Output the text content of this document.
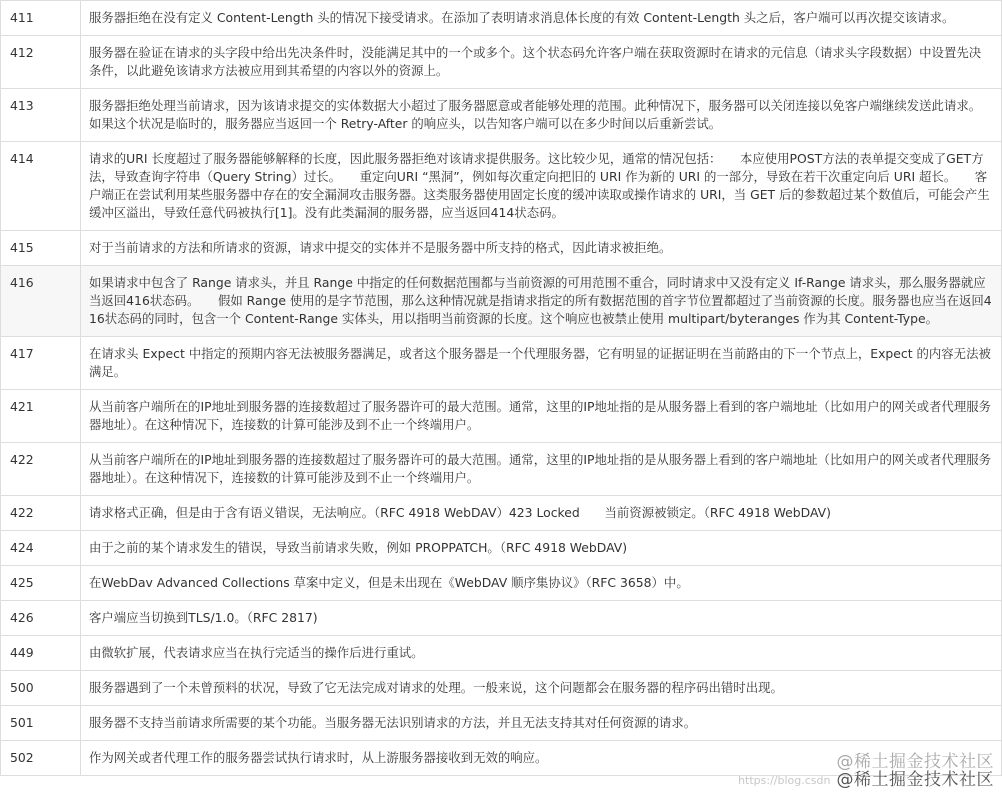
411	服务器拒绝在没有定义 Content-Length 头的情况下接受请求。在添加了表明请求消息体长度的有效 Content-Length 头之后，客户端可以再次提交该请求。
412	服务器在验证在请求的头字段中给出先决条件时，没能满足其中的一个或多个。这个状态码允许客户端在获取资源时在请求的元信息（请求头字段数据）中设置先决条件，以此避免该请求方法被应用到其希望的内容以外的资源上。
413	服务器拒绝处理当前请求，因为该请求提交的实体数据大小超过了服务器愿意或者能够处理的范围。此种情况下，服务器可以关闭连接以免客户端继续发送此请求。　　如果这个状况是临时的，服务器应当返回一个 Retry-After 的响应头，以告知客户端可以在多少时间以后重新尝试。
414	请求的URI 长度超过了服务器能够解释的长度，因此服务器拒绝对该请求提供服务。这比较少见，通常的情况包括：　　本应使用POST方法的表单提交变成了GET方法，导致查询字符串（Query String）过长。　　重定向URI “黑洞”，例如每次重定向把旧的 URI 作为新的 URI 的一部分，导致在若干次重定向后 URI 超长。　　客户端正在尝试利用某些服务器中存在的安全漏洞攻击服务器。这类服务器使用固定长度的缓冲读取或操作请求的 URI，当 GET 后的参数超过某个数值后，可能会产生缓冲区溢出，导致任意代码被执行[1]。没有此类漏洞的服务器，应当返回414状态码。
415	对于当前请求的方法和所请求的资源，请求中提交的实体并不是服务器中所支持的格式，因此请求被拒绝。
416	如果请求中包含了 Range 请求头，并且 Range 中指定的任何数据范围都与当前资源的可用范围不重合，同时请求中又没有定义 If-Range 请求头，那么服务器就应当返回416状态码。　　假如 Range 使用的是字节范围，那么这种情况就是指请求指定的所有数据范围的首字节位置都超过了当前资源的长度。服务器也应当在返回416状态码的同时，包含一个 Content-Range 实体头，用以指明当前资源的长度。这个响应也被禁止使用 multipart/byteranges 作为其 Content-Type。
417	在请求头 Expect 中指定的预期内容无法被服务器满足，或者这个服务器是一个代理服务器，它有明显的证据证明在当前路由的下一个节点上，Expect 的内容无法被满足。
421	从当前客户端所在的IP地址到服务器的连接数超过了服务器许可的最大范围。通常，这里的IP地址指的是从服务器上看到的客户端地址（比如用户的网关或者代理服务器地址）。在这种情况下，连接数的计算可能涉及到不止一个终端用户。
422	从当前客户端所在的IP地址到服务器的连接数超过了服务器许可的最大范围。通常，这里的IP地址指的是从服务器上看到的客户端地址（比如用户的网关或者代理服务器地址）。在这种情况下，连接数的计算可能涉及到不止一个终端用户。
422	请求格式正确，但是由于含有语义错误，无法响应。（RFC 4918 WebDAV）423 Locked　　当前资源被锁定。（RFC 4918 WebDAV)
424	由于之前的某个请求发生的错误，导致当前请求失败，例如 PROPPATCH。（RFC 4918 WebDAV)
425	在WebDav Advanced Collections 草案中定义，但是未出现在《WebDAV 顺序集协议》（RFC 3658）中。
426	客户端应当切换到TLS/1.0。（RFC 2817)
449	由微软扩展，代表请求应当在执行完适当的操作后进行重试。
500	服务器遇到了一个未曾预料的状况，导致了它无法完成对请求的处理。一般来说，这个问题都会在服务器的程序码出错时出现。
501	服务器不支持当前请求所需要的某个功能。当服务器无法识别请求的方法，并且无法支持其对任何资源的请求。
502	作为网关或者代理工作的服务器尝试执行请求时，从上游服务器接收到无效的响应。
https://blog.csdn
@稀土掘金技术社区
@稀土掘金技术社区
